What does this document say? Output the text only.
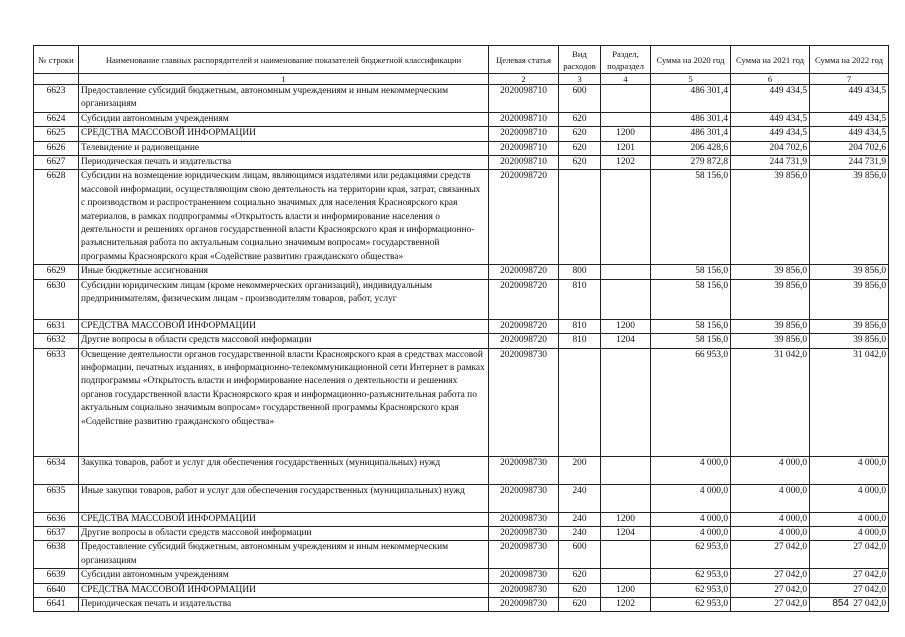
№ строки	Наименование главных распорядителей и наименование показателей бюджетной классификации	Целевая статья	Вид расходов	Раздел, подраздел	Сумма на 2020 год	Сумма на 2021 год	Сумма на 2022 год
	1	2	3	4	5	6	7
6623	Предоставление субсидий бюджетным, автономным учреждениям и иным некоммерческим организациям	2020098710	600		486 301,4	449 434,5	449 434,5
6624	Субсидии автономным учреждениям	2020098710	620		486 301,4	449 434,5	449 434,5
6625	СРЕДСТВА МАССОВОЙ ИНФОРМАЦИИ	2020098710	620	1200	486 301,4	449 434,5	449 434,5
6626	Телевидение и радиовещание	2020098710	620	1201	206 428,6	204 702,6	204 702,6
6627	Периодическая печать и издательства	2020098710	620	1202	279 872,8	244 731,9	244 731,9
6628	Субсидии на возмещение юридическим лицам, являющимся издателями или редакциями средств массовой информации, осуществляющим свою деятельность на территории края, затрат, связанных с производством и распространением социально значимых для населения Красноярского края материалов, в рамках подпрограммы «Открытость власти и информирование населения о деятельности и решениях органов государственной власти Красноярского края и информационно-разъяснительная работа по актуальным социально значимым вопросам» государственной программы Красноярского края «Содействие развитию гражданского общества»	2020098720			58 156,0	39 856,0	39 856,0
6629	Иные бюджетные ассигнования	2020098720	800		58 156,0	39 856,0	39 856,0
6630	Субсидии юридическим лицам (кроме некоммерческих организаций), индивидуальным предпринимателям, физическим лицам - производителям товаров, работ, услуг	2020098720	810		58 156,0	39 856,0	39 856,0
6631	СРЕДСТВА МАССОВОЙ ИНФОРМАЦИИ	2020098720	810	1200	58 156,0	39 856,0	39 856,0
6632	Другие вопросы в области средств массовой информации	2020098720	810	1204	58 156,0	39 856,0	39 856,0
6633	Освещение деятельности органов государственной власти Красноярского края в средствах массовой информации, печатных изданиях, в информационно-телекоммуникационной сети Интернет в рамках подпрограммы «Открытость власти и информирование населения о деятельности и решениях органов государственной власти Красноярского края и информационно-разъяснительная работа по актуальным социально значимым вопросам» государственной программы Красноярского края «Содействие развитию гражданского общества»	2020098730			66 953,0	31 042,0	31 042,0
6634	Закупка товаров, работ и услуг для обеспечения государственных (муниципальных) нужд	2020098730	200		4 000,0	4 000,0	4 000,0
6635	Иные закупки товаров, работ и услуг для обеспечения государственных (муниципальных) нужд	2020098730	240		4 000,0	4 000,0	4 000,0
6636	СРЕДСТВА МАССОВОЙ ИНФОРМАЦИИ	2020098730	240	1200	4 000,0	4 000,0	4 000,0
6637	Другие вопросы в области средств массовой информации	2020098730	240	1204	4 000,0	4 000,0	4 000,0
6638	Предоставление субсидий бюджетным, автономным учреждениям и иным некоммерческим организациям	2020098730	600		62 953,0	27 042,0	27 042,0
6639	Субсидии автономным учреждениям	2020098730	620		62 953,0	27 042,0	27 042,0
6640	СРЕДСТВА МАССОВОЙ ИНФОРМАЦИИ	2020098730	620	1200	62 953,0	27 042,0	27 042,0
6641	Периодическая печать и издательства	2020098730	620	1202	62 953,0	27 042,0	27 042,0
854
